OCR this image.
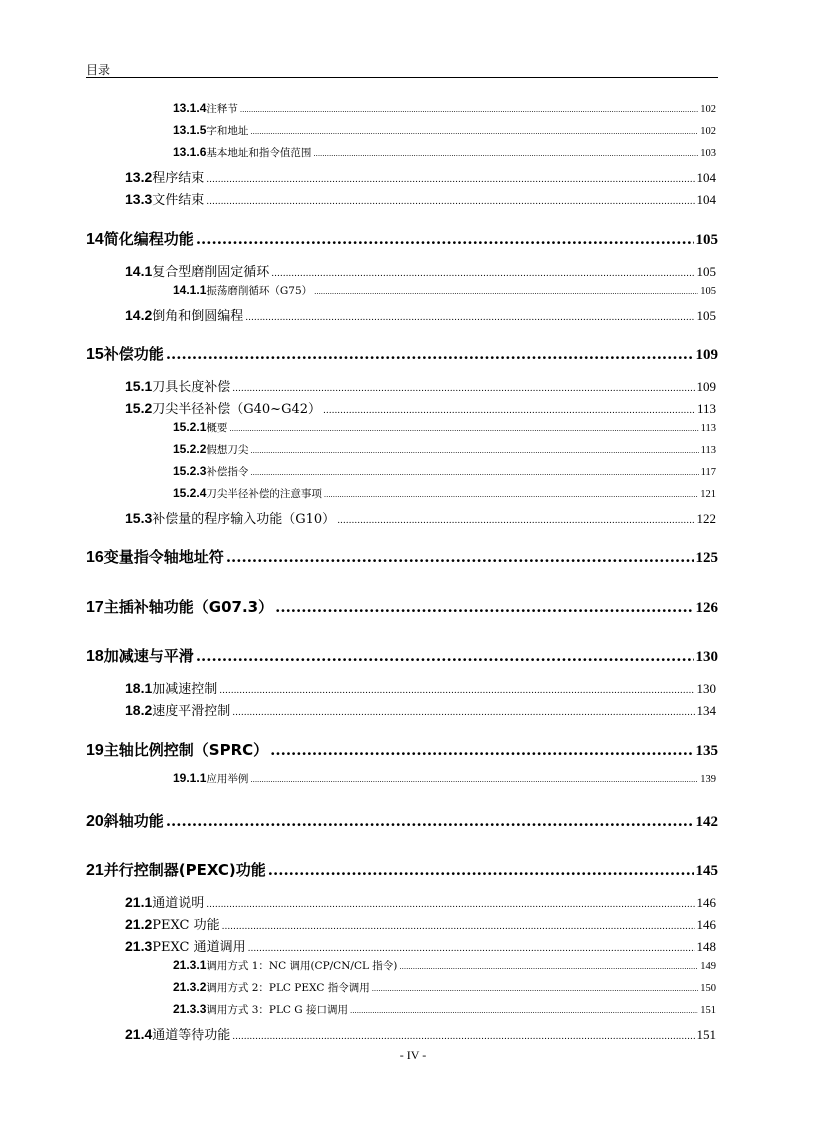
目录
13.1.4 注释节 .....	102
13.1.5 字和地址 .....	102
13.1.6 基本地址和指令值范围 .....	103
13.2 程序结束 .....	104
13.3 文件结束 .....	104
14 简化编程功能 .....	105
14.1 复合型磨削固定循环 .....	105
14.1.1 振荡磨削循环（G75） .....	105
14.2 倒角和倒圆编程 .....	105
15 补偿功能 .....	109
15.1 刀具长度补偿 .....	109
15.2 刀尖半径补偿（G40~G42） .....	113
15.2.1 概要 .....	113
15.2.2 假想刀尖 .....	113
15.2.3 补偿指令 .....	117
15.2.4 刀尖半径补偿的注意事项 .....	121
15.3 补偿量的程序输入功能（G10） .....	122
16 变量指令轴地址符 .....	125
17 主插补轴功能（G07.3） .....	126
18 加减速与平滑 .....	130
18.1 加减速控制 .....	130
18.2 速度平滑控制 .....	134
19 主轴比例控制（SPRC） .....	135
19.1.1 应用举例 .....	139
20 斜轴功能 .....	142
21 并行控制器(PEXC)功能 .....	145
21.1 通道说明 .....	146
21.2 PEXC 功能 .....	146
21.3 PEXC 通道调用 .....	148
21.3.1 调用方式 1：NC 调用(CP/CN/CL 指令) .....	149
21.3.2 调用方式 2：PLC PEXC 指令调用 .....	150
21.3.3 调用方式 3：PLC G 接口调用 .....	151
21.4 通道等待功能 .....	151
- IV -
